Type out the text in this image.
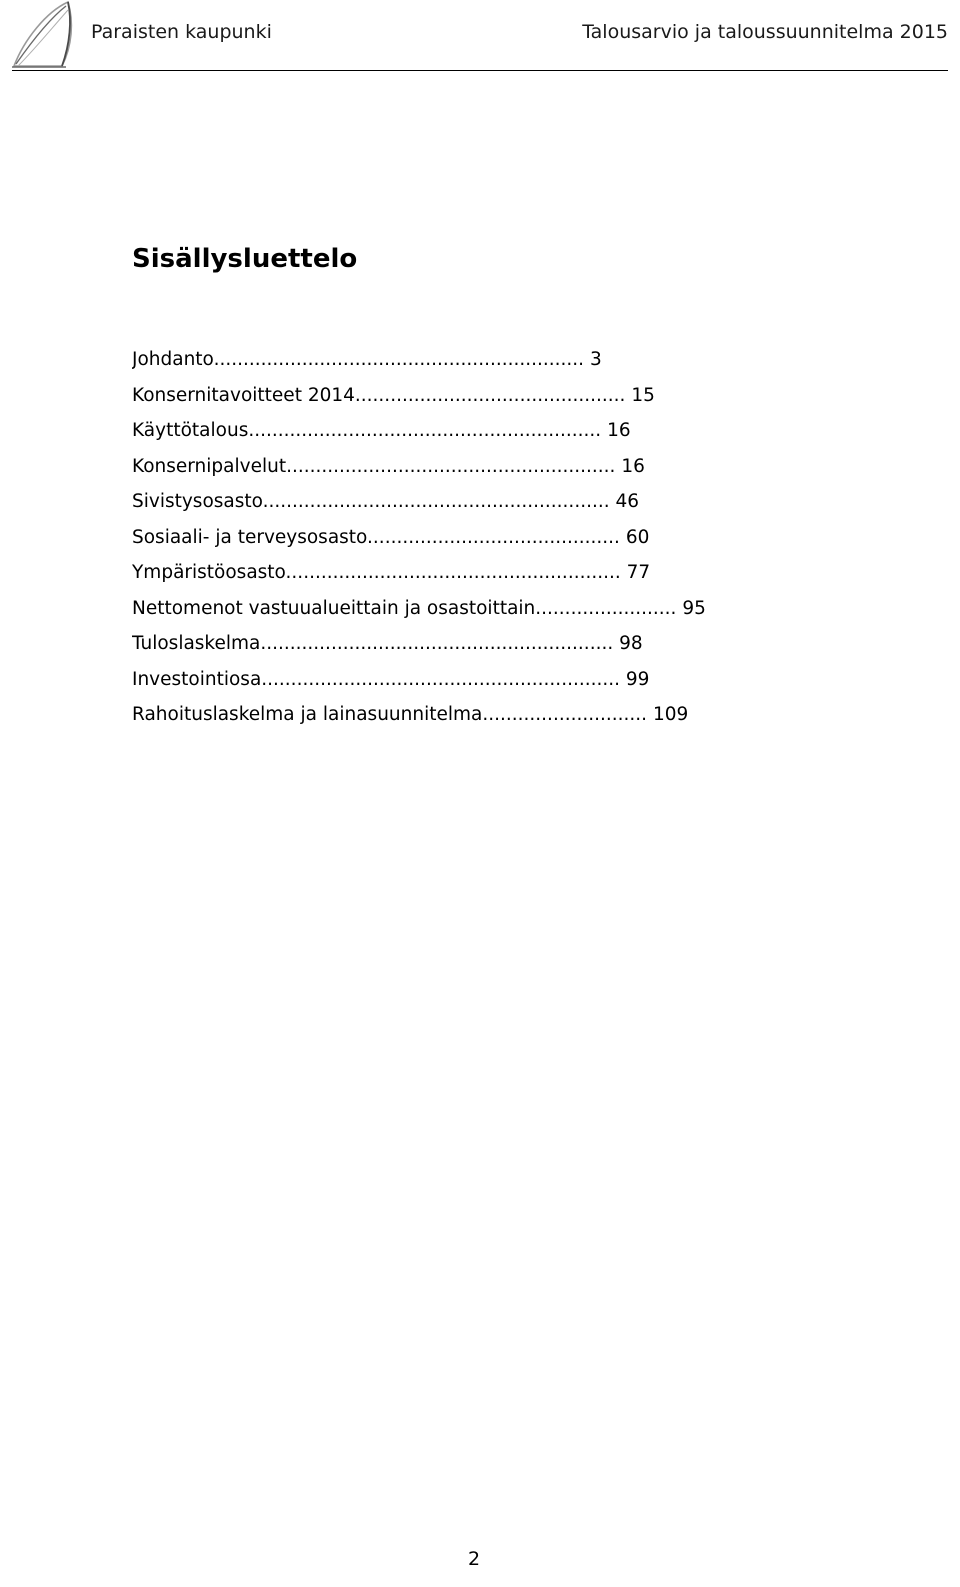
Paraisten kaupunki	Talousarvio ja taloussuunnitelma 2015
Sisällysluettelo
Johdanto............................................................... 3
Konsernitavoitteet 2014.............................................. 15
Käyttötalous............................................................ 16
Konsernipalvelut........................................................ 16
Sivistysosasto........................................................... 46
Sosiaali- ja terveysosasto........................................... 60
Ympäristöosasto......................................................... 77
Nettomenot vastuualueittain ja osastoittain........................ 95
Tuloslaskelma............................................................ 98
Investointiosa............................................................. 99
Rahoituslaskelma ja lainasuunnitelma............................ 109
2
